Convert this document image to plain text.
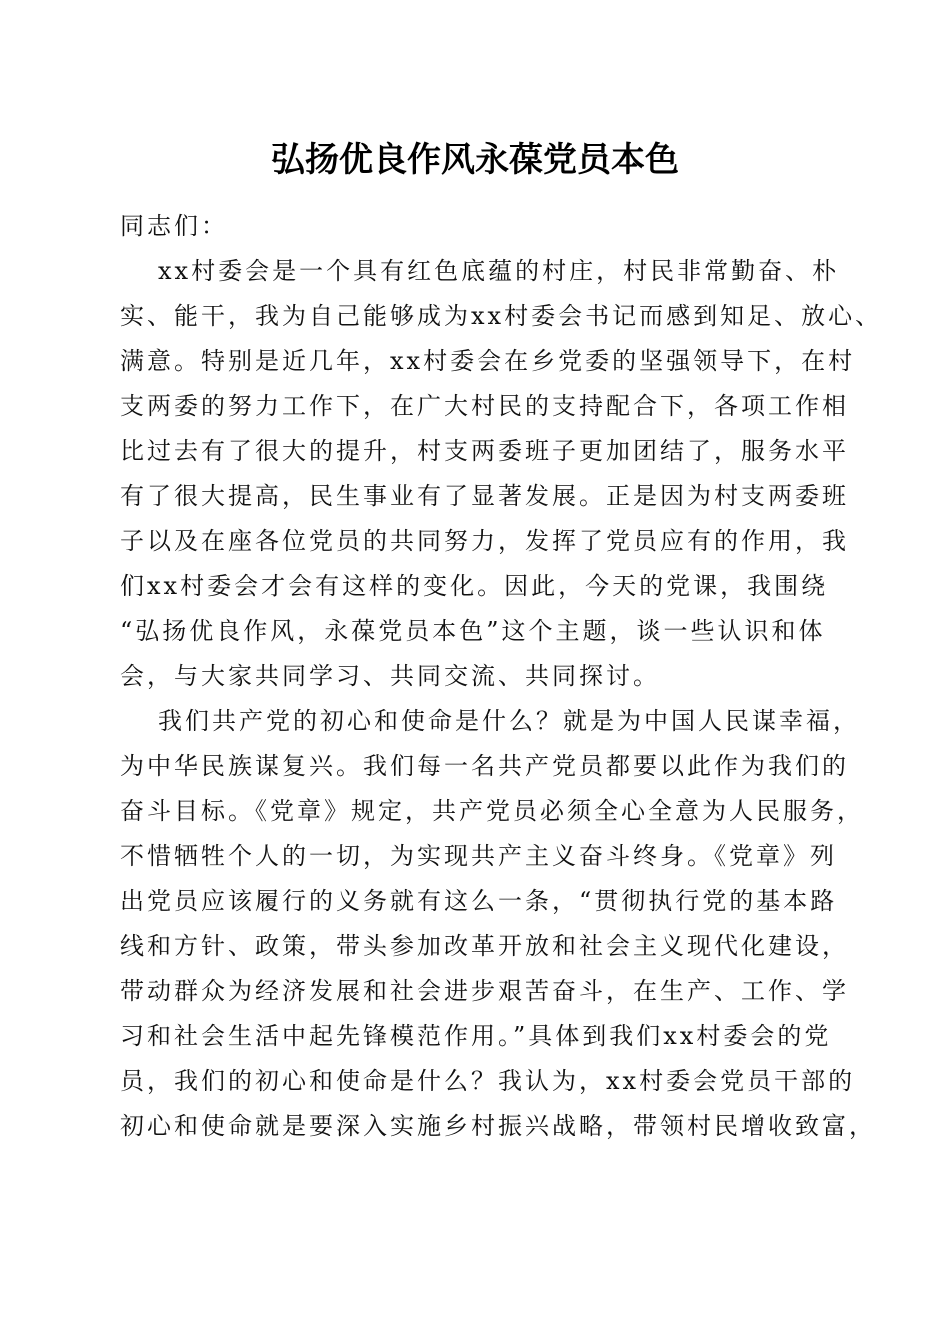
弘扬优良作风永葆党员本色

同志们：

xx村委会是一个具有红色底蕴的村庄，村民非常勤奋、朴

实、能干，我为自己能够成为xx村委会书记而感到知足、放心、

满意。特别是近几年，xx村委会在乡党委的坚强领导下，在村

支两委的努力工作下，在广大村民的支持配合下，各项工作相

比过去有了很大的提升，村支两委班子更加团结了，服务水平

有了很大提高，民生事业有了显著发展。正是因为村支两委班

子以及在座各位党员的共同努力，发挥了党员应有的作用，我

们xx村委会才会有这样的变化。因此，今天的党课，我围绕

“弘扬优良作风，永葆党员本色”这个主题，谈一些认识和体

会，与大家共同学习、共同交流、共同探讨。

我们共产党的初心和使命是什么？就是为中国人民谋幸福，

为中华民族谋复兴。我们每一名共产党员都要以此作为我们的

奋斗目标。《党章》规定，共产党员必须全心全意为人民服务，

不惜牺牲个人的一切，为实现共产主义奋斗终身。《党章》列

出党员应该履行的义务就有这么一条，“贯彻执行党的基本路

线和方针、政策，带头参加改革开放和社会主义现代化建设，

带动群众为经济发展和社会进步艰苦奋斗，在生产、工作、学

习和社会生活中起先锋模范作用。”具体到我们xx村委会的党

员，我们的初心和使命是什么？我认为，xx村委会党员干部的

初心和使命就是要深入实施乡村振兴战略，带领村民增收致富，
